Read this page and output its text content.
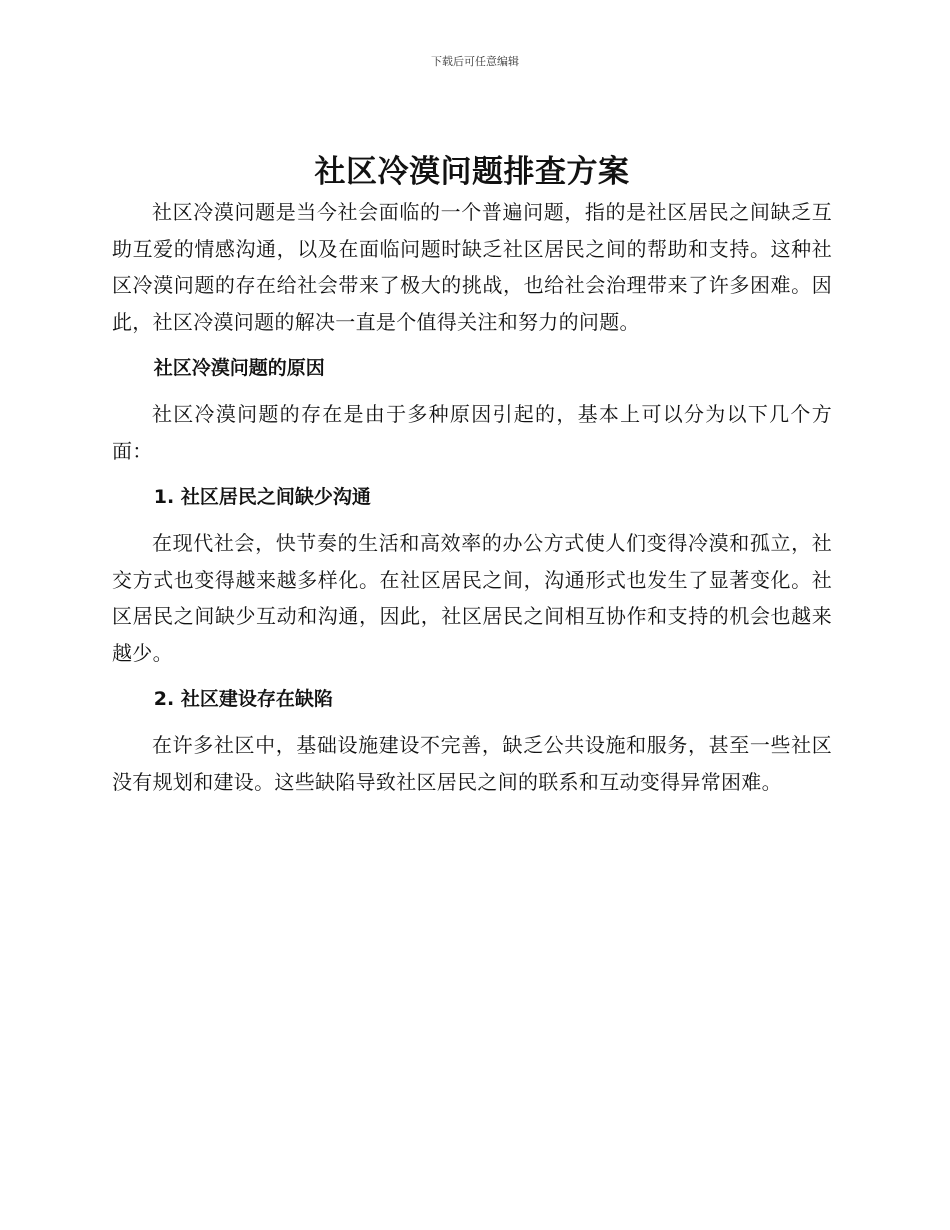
下载后可任意编辑
社区冷漠问题排查方案

社区冷漠问题是当今社会面临的一个普遍问题，指的是社区居民之间缺乏互助互爱的情感沟通，以及在面临问题时缺乏社区居民之间的帮助和支持。这种社区冷漠问题的存在给社会带来了极大的挑战，也给社会治理带来了许多困难。因此，社区冷漠问题的解决一直是个值得关注和努力的问题。

社区冷漠问题的原因

社区冷漠问题的存在是由于多种原因引起的，基本上可以分为以下几个方面：

1. 社区居民之间缺少沟通

在现代社会，快节奏的生活和高效率的办公方式使人们变得冷漠和孤立，社交方式也变得越来越多样化。在社区居民之间，沟通形式也发生了显著变化。社区居民之间缺少互动和沟通，因此，社区居民之间相互协作和支持的机会也越来越少。

2. 社区建设存在缺陷

在许多社区中，基础设施建设不完善，缺乏公共设施和服务，甚至一些社区没有规划和建设。这些缺陷导致社区居民之间的联系和互动变得异常困难。
